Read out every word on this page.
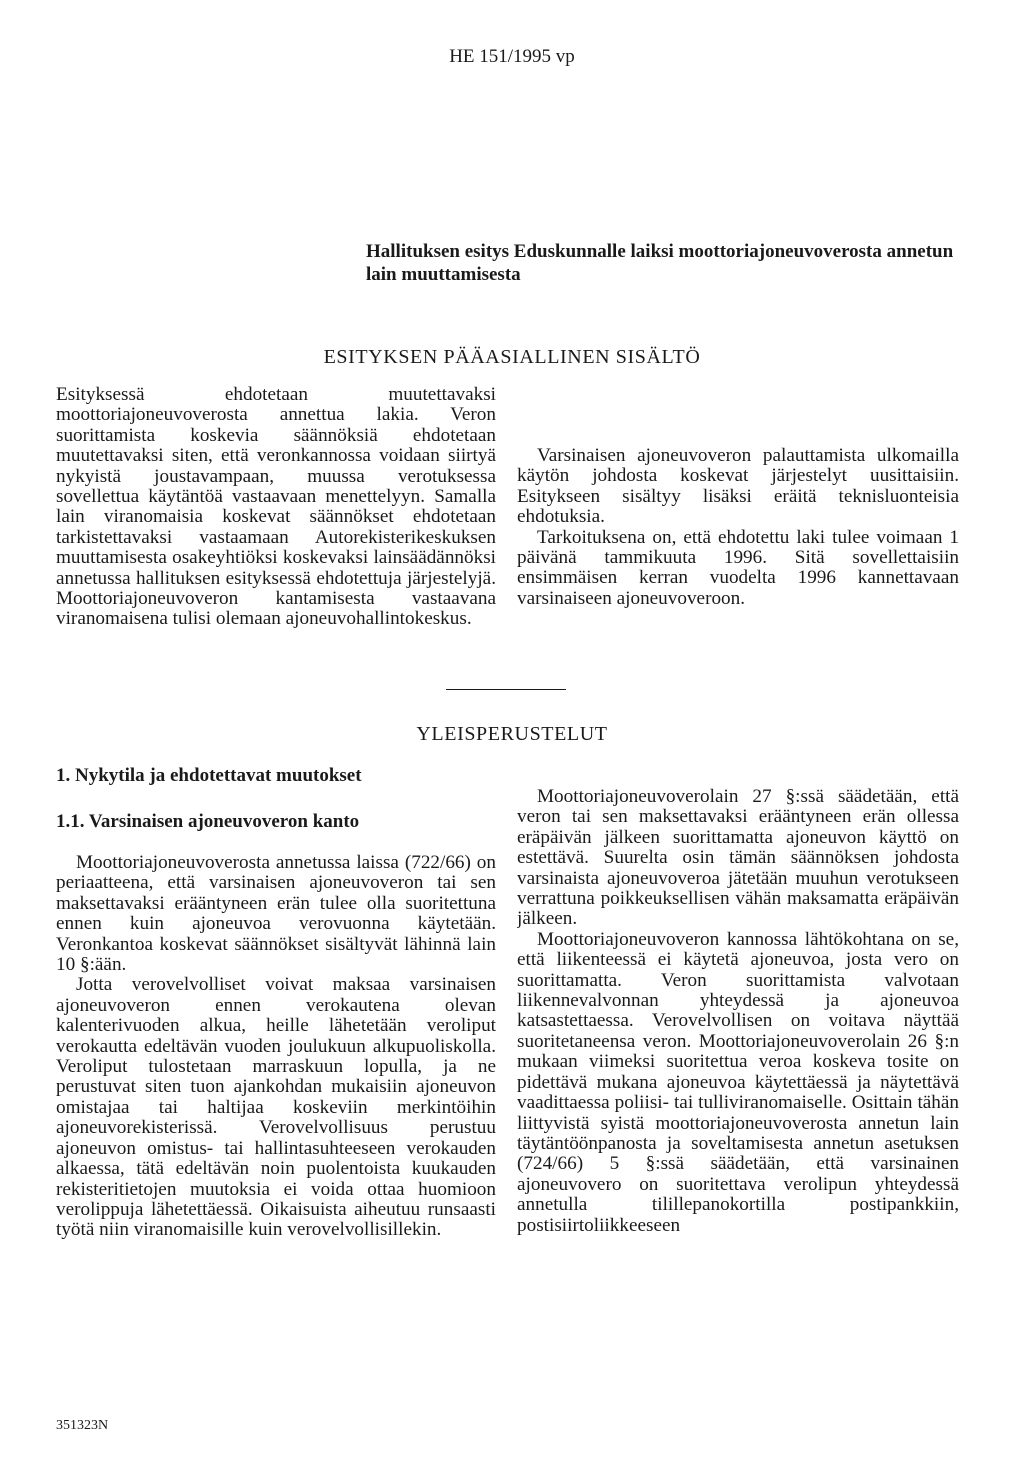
HE 151/1995 vp
Hallituksen esitys Eduskunnalle laiksi moottoriajoneuvoverosta annetun lain muuttamisesta
ESITYKSEN PÄÄASIALLINEN SISÄLTÖ

Esityksessä ehdotetaan muutettavaksi moottoriajoneuvoverosta annettua lakia. Veron suorittamista koskevia säännöksiä ehdotetaan muutettavaksi siten, että veronkannossa voidaan siirtyä nykyistä joustavampaan, muussa verotuksessa sovellettua käytäntöä vastaavaan menettelyyn. Samalla lain viranomaisia koskevat säännökset ehdotetaan tarkistettavaksi vastaamaan Autorekisterikeskuksen muuttamisesta osakeyhtiöksi koskevaksi lainsäädännöksi annetussa hallituksen esityksessä ehdotettuja järjestelyjä. Moottoriajoneuvoveron kantamisesta vastaavana viranomaisena tulisi olemaan ajoneuvohallintokeskus.

Varsinaisen ajoneuvoveron palauttamista ulkomailla käytön johdosta koskevat järjestelyt uusittaisiin. Esitykseen sisältyy lisäksi eräitä teknisluonteisia ehdotuksia.

Tarkoituksena on, että ehdotettu laki tulee voimaan 1 päivänä tammikuuta 1996. Sitä sovellettaisiin ensimmäisen kerran vuodelta 1996 kannettavaan varsinaiseen ajoneuvoveroon.

YLEISPERUSTELUT
1. Nykytila ja ehdotettavat muutokset
1.1. Varsinaisen ajoneuvoveron kanto

Moottoriajoneuvoverosta annetussa laissa (722/66) on periaatteena, että varsinaisen ajoneuvoveron tai sen maksettavaksi erääntyneen erän tulee olla suoritettuna ennen kuin ajoneuvoa verovuonna käytetään. Veronkantoa koskevat säännökset sisältyvät lähinnä lain 10 §:ään.

Jotta verovelvolliset voivat maksaa varsinaisen ajoneuvoveron ennen verokautena olevan kalenterivuoden alkua, heille lähetetään veroliput verokautta edeltävän vuoden joulukuun alkupuoliskolla. Veroliput tulostetaan marraskuun lopulla, ja ne perustuvat siten tuon ajankohdan mukaisiin ajoneuvon omistajaa tai haltijaa koskeviin merkintöihin ajoneuvorekisterissä. Verovelvollisuus perustuu ajoneuvon omistus- tai hallintasuhteeseen verokauden alkaessa, tätä edeltävän noin puolentoista kuukauden rekisteritietojen muutoksia ei voida ottaa huomioon verolippuja lähetettäessä. Oikaisuista aiheutuu runsaasti työtä niin viranomaisille kuin verovelvollisillekin.

Moottoriajoneuvoverolain 27 §:ssä säädetään, että veron tai sen maksettavaksi erääntyneen erän ollessa eräpäivän jälkeen suorittamatta ajoneuvon käyttö on estettävä. Suurelta osin tämän säännöksen johdosta varsinaista ajoneuvoveroa jätetään muuhun verotukseen verrattuna poikkeuksellisen vähän maksamatta eräpäivän jälkeen.

Moottoriajoneuvoveron kannossa lähtökohtana on se, että liikenteessä ei käytetä ajoneuvoa, josta vero on suorittamatta. Veron suorittamista valvotaan liikennevalvonnan yhteydessä ja ajoneuvoa katsastettaessa. Verovelvollisen on voitava näyttää suoritetaneensa veron. Moottoriajoneuvoverolain 26 §:n mukaan viimeksi suoritettua veroa koskeva tosite on pidettävä mukana ajoneuvoa käytettäessä ja näytettävä vaadittaessa poliisi- tai tulliviranomaiselle. Osittain tähän liittyvistä syistä moottoriajoneuvoverosta annetun lain täytäntöönpanosta ja soveltamisesta annetun asetuksen (724/66) 5 §:ssä säädetään, että varsinainen ajoneuvovero on suoritettava verolipun yhteydessä annetulla tilillepanokortilla postipankkiin, postisiirtoliikkeeseen

351323N
